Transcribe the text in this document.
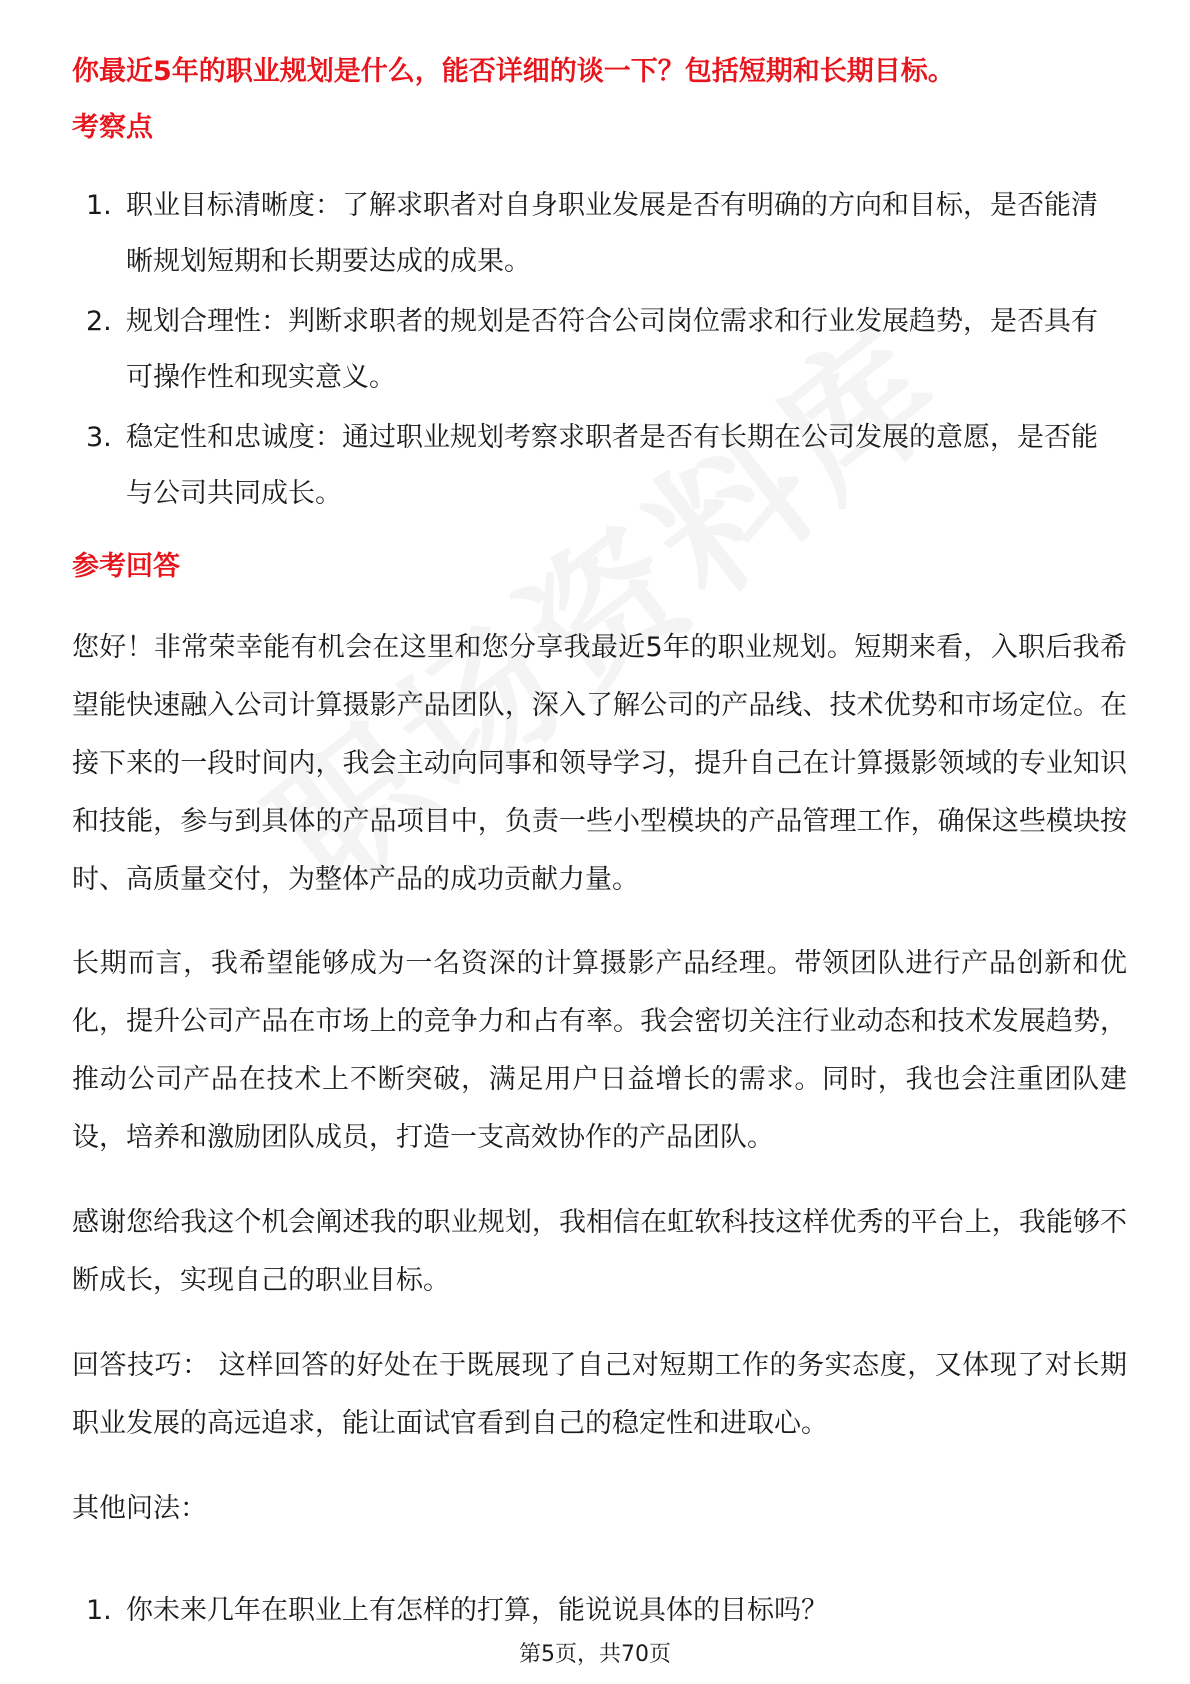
你最近5年的职业规划是什么，能否详细的谈一下？包括短期和长期目标。
考察点
1. 职业目标清晰度：了解求职者对自身职业发展是否有明确的方向和目标，是否能清晰规划短期和长期要达成的成果。
2. 规划合理性：判断求职者的规划是否符合公司岗位需求和行业发展趋势，是否具有可操作性和现实意义。
3. 稳定性和忠诚度：通过职业规划考察求职者是否有长期在公司发展的意愿，是否能与公司共同成长。
参考回答

您好！非常荣幸能有机会在这里和您分享我最近5年的职业规划。短期来看，入职后我希望能快速融入公司计算摄影产品团队，深入了解公司的产品线、技术优势和市场定位。在接下来的一段时间内，我会主动向同事和领导学习，提升自己在计算摄影领域的专业知识和技能，参与到具体的产品项目中，负责一些小型模块的产品管理工作，确保这些模块按时、高质量交付，为整体产品的成功贡献力量。

长期而言，我希望能够成为一名资深的计算摄影产品经理。带领团队进行产品创新和优化，提升公司产品在市场上的竞争力和占有率。我会密切关注行业动态和技术发展趋势，推动公司产品在技术上不断突破，满足用户日益增长的需求。同时，我也会注重团队建设，培养和激励团队成员，打造一支高效协作的产品团队。

感谢您给我这个机会阐述我的职业规划，我相信在虹软科技这样优秀的平台上，我能够不断成长，实现自己的职业目标。

回答技巧： 这样回答的好处在于既展现了自己对短期工作的务实态度，又体现了对长期职业发展的高远追求，能让面试官看到自己的稳定性和进取心。

其他问法：

1. 你未来几年在职业上有怎样的打算，能说说具体的目标吗？
第5页，共70页
